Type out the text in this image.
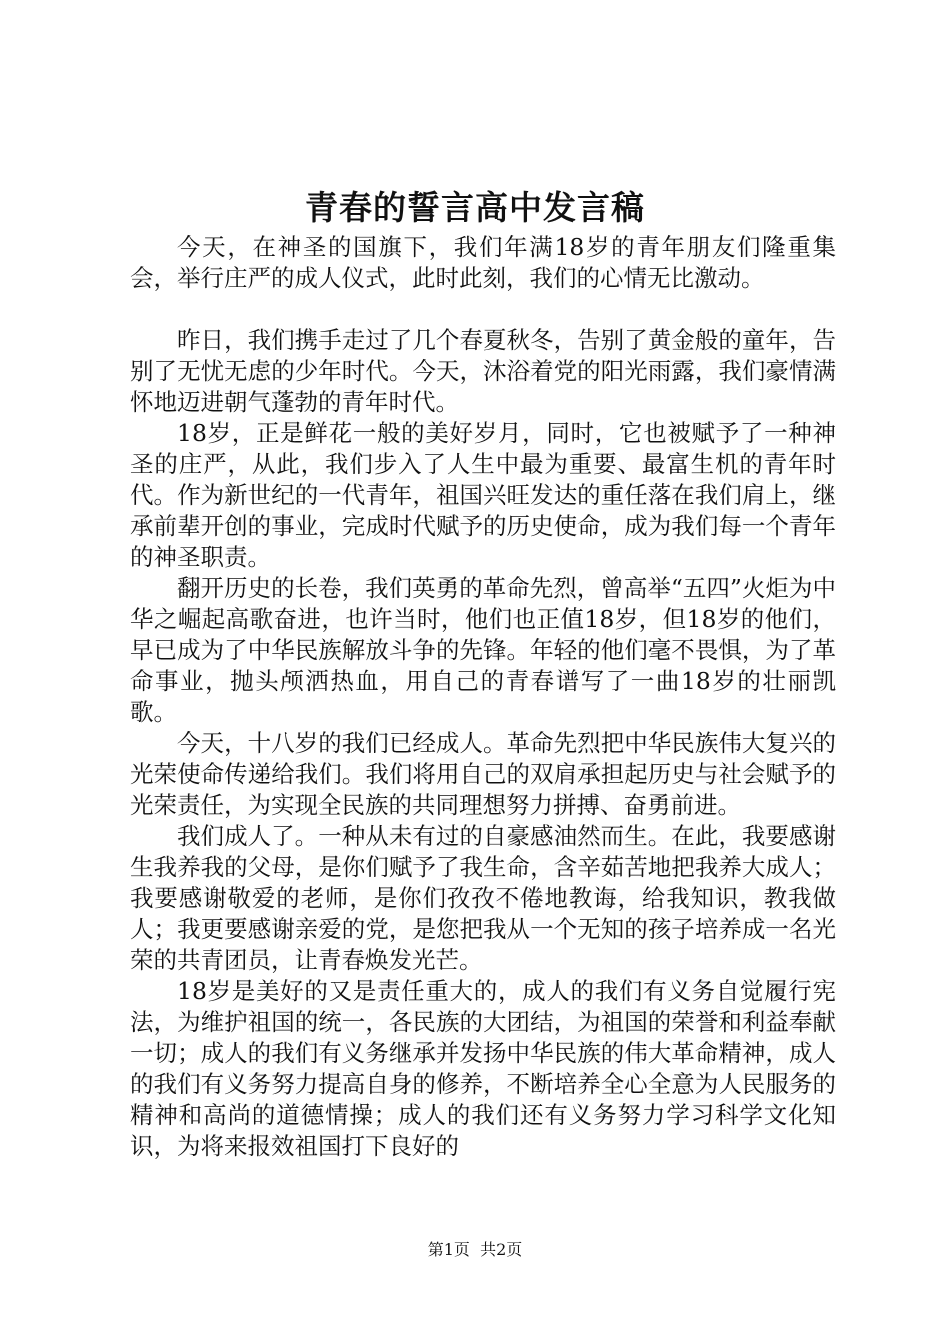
青春的誓言高中发言稿

今天，在神圣的国旗下，我们年满18岁的青年朋友们隆重集会，举行庄严的成人仪式，此时此刻，我们的心情无比激动。

昨日，我们携手走过了几个春夏秋冬，告别了黄金般的童年，告别了无忧无虑的少年时代。今天，沐浴着党的阳光雨露，我们豪情满怀地迈进朝气蓬勃的青年时代。

18岁，正是鲜花一般的美好岁月，同时，它也被赋予了一种神圣的庄严，从此，我们步入了人生中最为重要、最富生机的青年时代。作为新世纪的一代青年，祖国兴旺发达的重任落在我们肩上，继承前辈开创的事业，完成时代赋予的历史使命，成为我们每一个青年的神圣职责。

翻开历史的长卷，我们英勇的革命先烈，曾高举“五四”火炬为中华之崛起高歌奋进，也许当时，他们也正值18岁，但18岁的他们，早已成为了中华民族解放斗争的先锋。年轻的他们毫不畏惧，为了革命事业，抛头颅洒热血，用自己的青春谱写了一曲18岁的壮丽凯歌。

今天，十八岁的我们已经成人。革命先烈把中华民族伟大复兴的光荣使命传递给我们。我们将用自己的双肩承担起历史与社会赋予的光荣责任，为实现全民族的共同理想努力拼搏、奋勇前进。

我们成人了。一种从未有过的自豪感油然而生。在此，我要感谢生我养我的父母，是你们赋予了我生命，含辛茹苦地把我养大成人；我要感谢敬爱的老师，是你们孜孜不倦地教诲，给我知识，教我做人；我更要感谢亲爱的党，是您把我从一个无知的孩子培养成一名光荣的共青团员，让青春焕发光芒。

18岁是美好的又是责任重大的，成人的我们有义务自觉履行宪法，为维护祖国的统一，各民族的大团结，为祖国的荣誉和利益奉献一切；成人的我们有义务继承并发扬中华民族的伟大革命精神，成人的我们有义务努力提高自身的修养，不断培养全心全意为人民服务的精神和高尚的道德情操；成人的我们还有义务努力学习科学文化知识，为将来报效祖国打下良好的

第1页  共2页
